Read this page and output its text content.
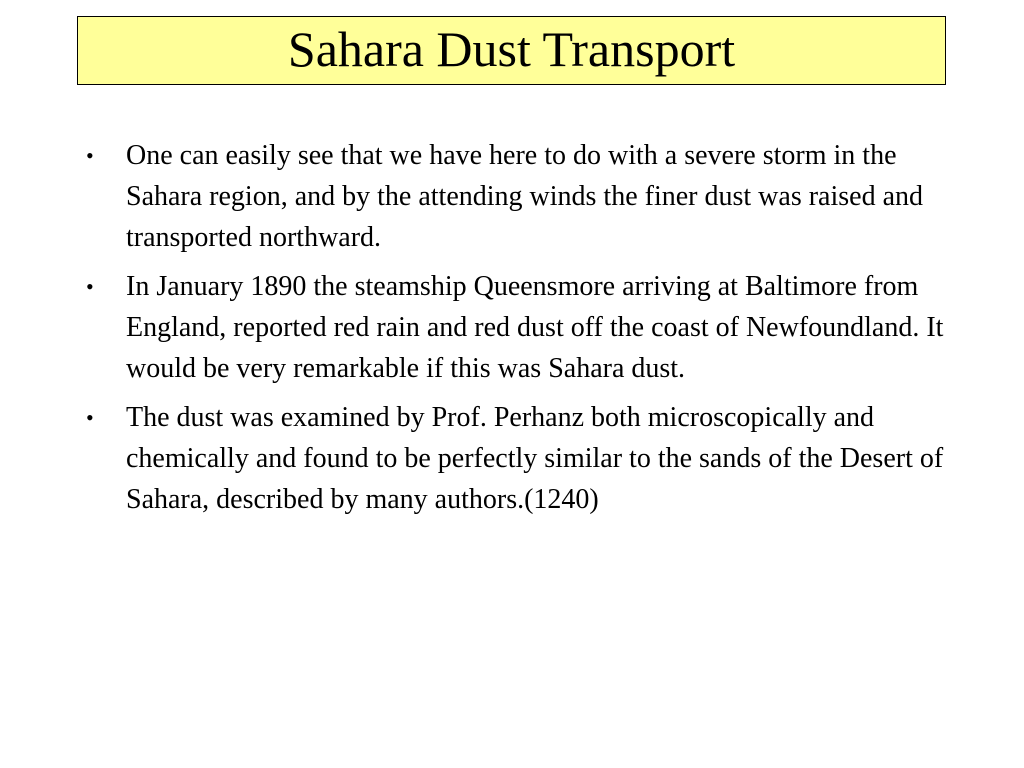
Sahara Dust Transport
•	One can easily see that we have here to do with a severe storm in the Sahara region, and by the attending winds the finer dust was raised and transported northward.
•	In January 1890 the steamship Queensmore arriving at Baltimore from England, reported red rain and red dust off the coast of Newfoundland. It would be very remarkable if this was Sahara dust.
•	The dust was examined by Prof. Perhanz both microscopically and chemically and found to be perfectly similar to the sands of the Desert of Sahara, described by many authors.(1240)
